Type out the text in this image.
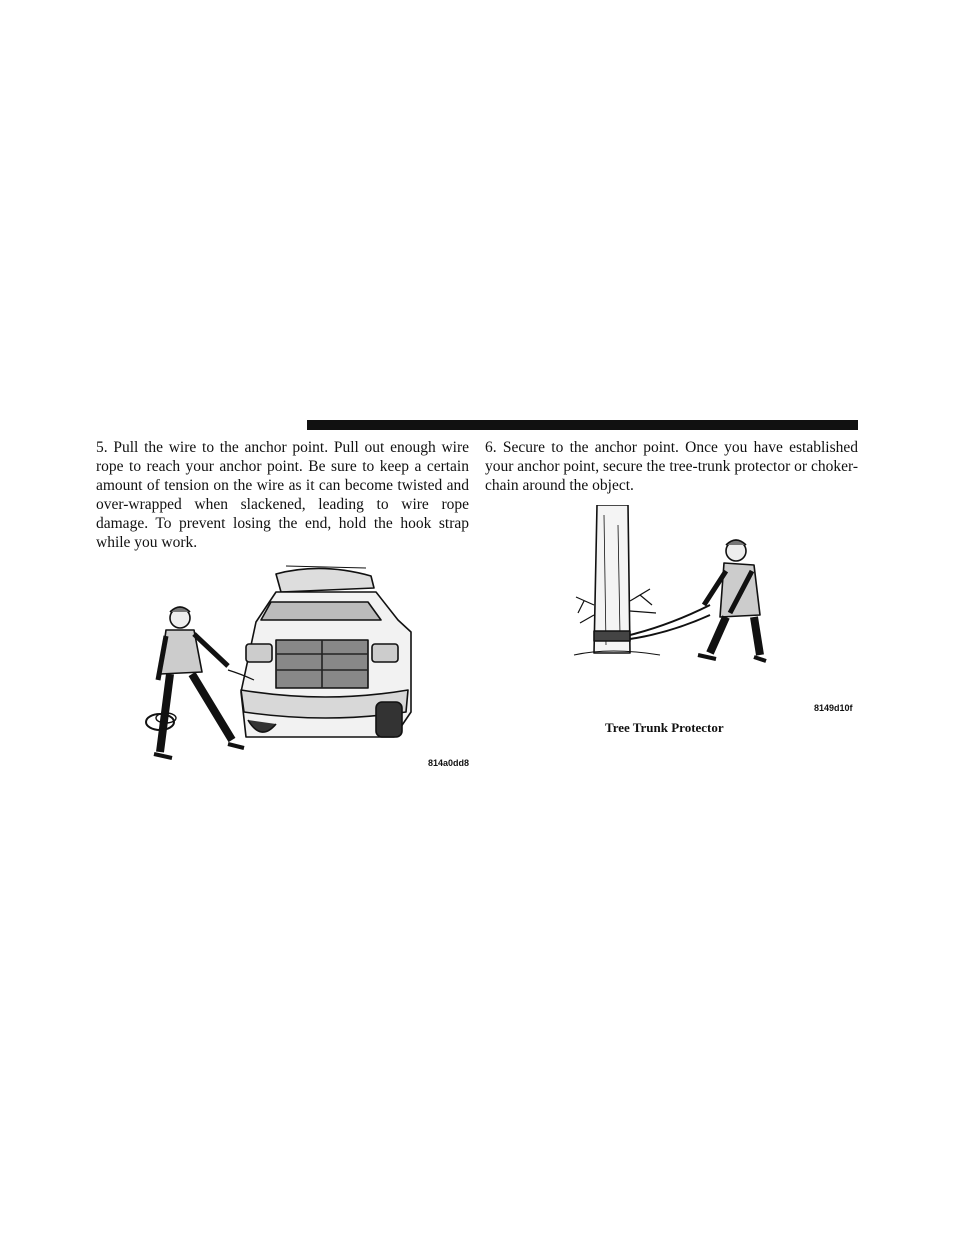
5. Pull the wire to the anchor point. Pull out enough wire rope to reach your anchor point. Be sure to keep a certain amount of tension on the wire as it can become twisted and over-wrapped when slackened, leading to wire rope damage. To prevent losing the end, hold the hook strap while you work.

6. Secure to the anchor point. Once you have established your anchor point, secure the tree-trunk protector or choker-chain around the object.

814a0dd8
8149d10f
Tree Trunk Protector
